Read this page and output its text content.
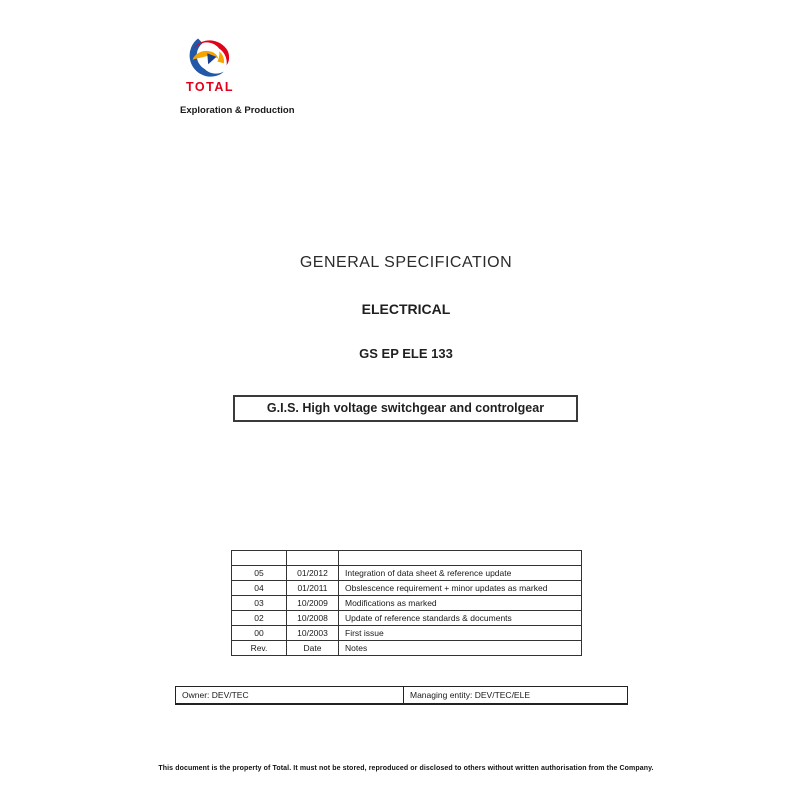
TOTAL
Exploration & Production
GENERAL SPECIFICATION
ELECTRICAL
GS EP ELE 133
G.I.S. High voltage switchgear and controlgear

05	01/2012	Integration of data sheet & reference update
04	01/2011	Obslescence requirement + minor updates as marked
03	10/2009	Modifications as marked
02	10/2008	Update of reference standards & documents
00	10/2003	First issue
Rev.	Date	Notes
Owner: DEV/TEC	Managing entity: DEV/TEC/ELE
This document is the property of Total. It must not be stored, reproduced or disclosed to others without written authorisation from the Company.
